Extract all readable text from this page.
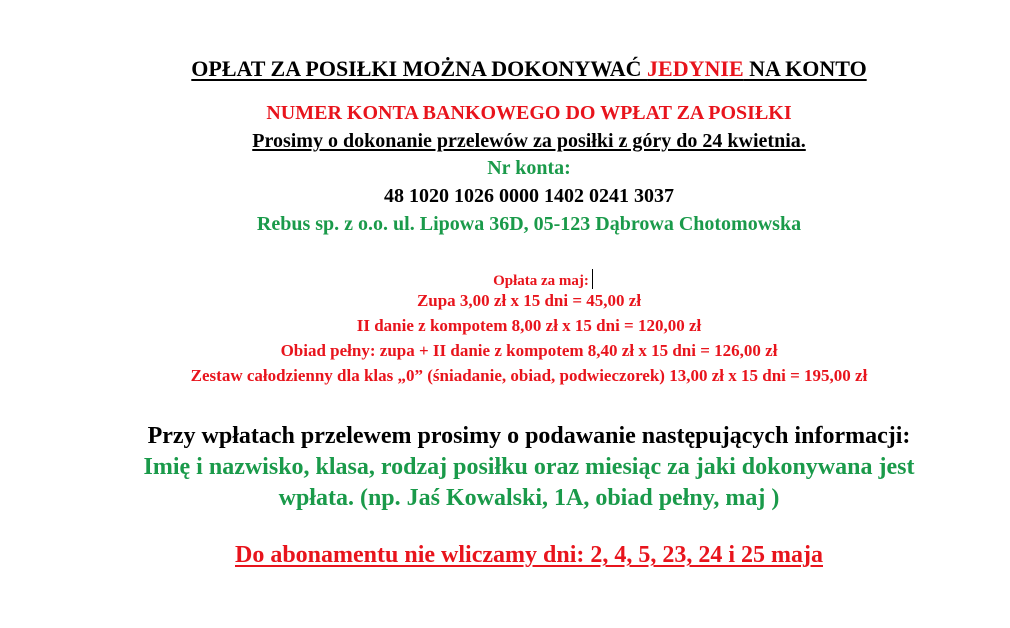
OPŁAT ZA POSIŁKI MOŻNA DOKONYWAĆ JEDYNIE NA KONTO
NUMER KONTA BANKOWEGO DO WPŁAT ZA POSIŁKI
Prosimy o dokonanie przelewów za posiłki z góry do 24 kwietnia.
Nr konta:
48 1020 1026 0000 1402 0241 3037
Rebus sp. z o.o. ul. Lipowa 36D, 05-123 Dąbrowa Chotomowska
Opłata za maj:
Zupa 3,00 zł x 15 dni = 45,00 zł
II danie z kompotem 8,00 zł x 15 dni = 120,00 zł
Obiad pełny: zupa + II danie z kompotem 8,40 zł x 15 dni = 126,00 zł
Zestaw całodzienny dla klas „0” (śniadanie, obiad, podwieczorek) 13,00 zł x 15 dni = 195,00 zł
Przy wpłatach przelewem prosimy o podawanie następujących informacji:
Imię i nazwisko, klasa, rodzaj posiłku oraz miesiąc za jaki dokonywana jest
wpłata. (np. Jaś Kowalski, 1A, obiad pełny, maj )
Do abonamentu nie wliczamy dni: 2, 4, 5, 23, 24 i 25 maja
